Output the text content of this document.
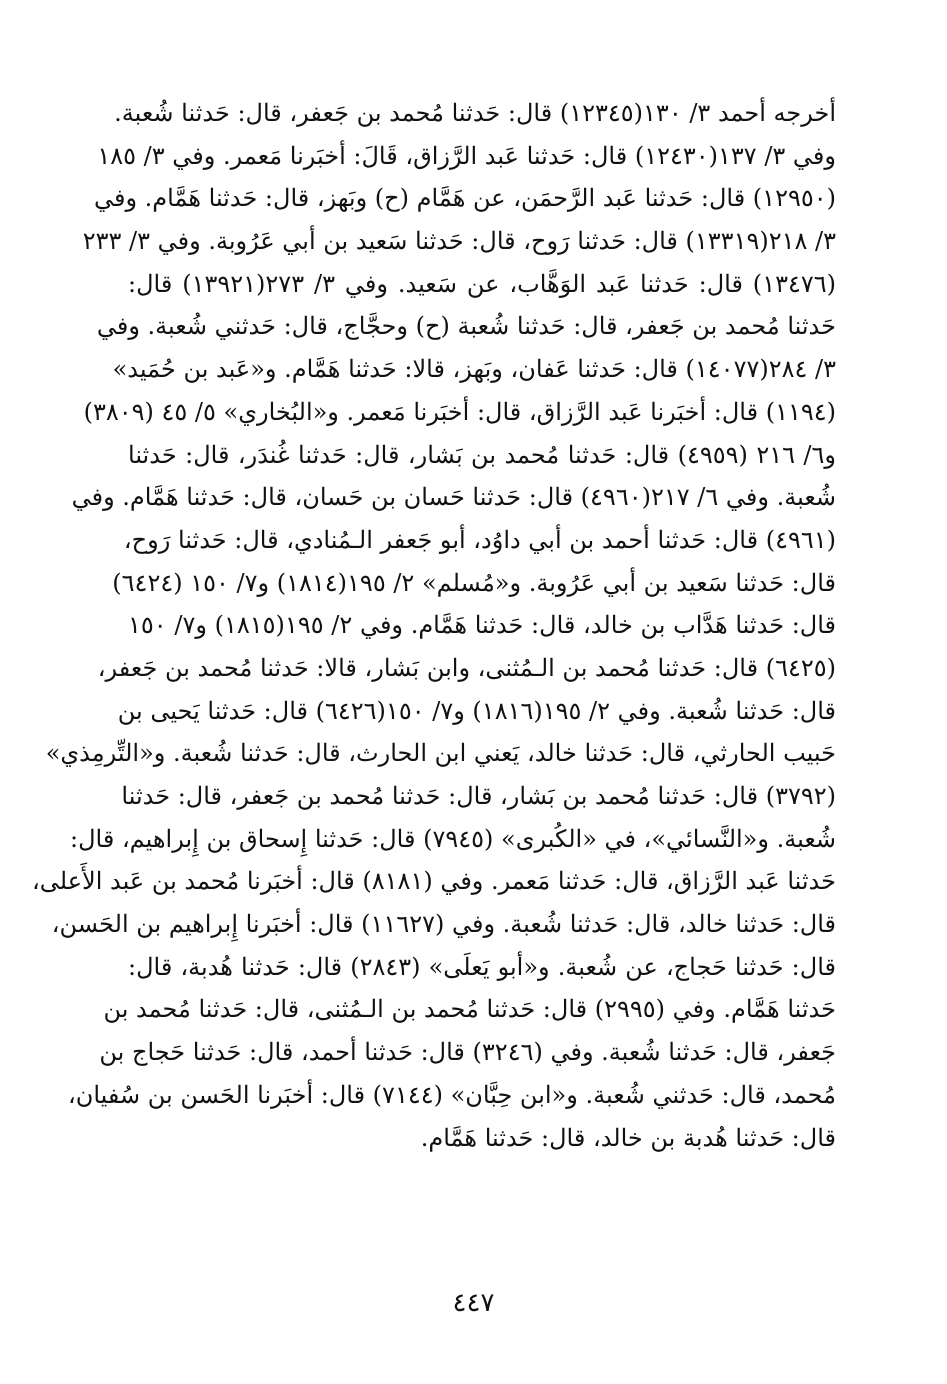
أخرجه أحمد ٣/ ١٣٠(١٢٣٤٥) قال: حَدثنا مُحمد بن جَعفر، قال: حَدثنا شُعبة.
وفي ٣/ ١٣٧(١٢٤٣٠) قال: حَدثنا عَبد الرَّزاق، قَالَ: أخبَرنا مَعمر. وفي ٣/ ١٨٥
(١٢٩٥٠) قال: حَدثنا عَبد الرَّحمَن، عن هَمَّام (ح) وبَهز، قال: حَدثنا هَمَّام. وفي
٣/ ٢١٨(١٣٣١٩) قال: حَدثنا رَوح، قال: حَدثنا سَعيد بن أبي عَرُوبة. وفي ٣/ ٢٣٣
(١٣٤٧٦) قال: حَدثنا عَبد الوَهَّاب، عن سَعيد. وفي ٣/ ٢٧٣(١٣٩٢١) قال:
حَدثنا مُحمد بن جَعفر، قال: حَدثنا شُعبة (ح) وحجَّاج، قال: حَدثني شُعبة. وفي
٣/ ٢٨٤(١٤٠٧٧) قال: حَدثنا عَفان، وبَهز، قالا: حَدثنا هَمَّام. و«عَبد بن حُمَيد»
(١١٩٤) قال: أخبَرنا عَبد الرَّزاق، قال: أخبَرنا مَعمر. و«البُخاري» ٥/ ٤٥ (٣٨٠٩)
و٦/ ٢١٦ (٤٩٥٩) قال: حَدثنا مُحمد بن بَشار، قال: حَدثنا غُندَر، قال: حَدثنا
شُعبة. وفي ٦/ ٢١٧(٤٩٦٠) قال: حَدثنا حَسان بن حَسان، قال: حَدثنا هَمَّام. وفي
(٤٩٦١) قال: حَدثنا أحمد بن أبي داوُد، أبو جَعفر الـمُنادي، قال: حَدثنا رَوح،
قال: حَدثنا سَعيد بن أبي عَرُوبة. و«مُسلم» ٢/ ١٩٥(١٨١٤) و٧/ ١٥٠ (٦٤٢٤)
قال: حَدثنا هَدَّاب بن خالد، قال: حَدثنا هَمَّام. وفي ٢/ ١٩٥(١٨١٥) و٧/ ١٥٠
(٦٤٢٥) قال: حَدثنا مُحمد بن الـمُثنى، وابن بَشار، قالا: حَدثنا مُحمد بن جَعفر،
قال: حَدثنا شُعبة. وفي ٢/ ١٩٥(١٨١٦) و٧/ ١٥٠(٦٤٢٦) قال: حَدثنا يَحيى بن
حَبيب الحارثي، قال: حَدثنا خالد، يَعني ابن الحارث، قال: حَدثنا شُعبة. و«التِّرمِذي»
(٣٧٩٢) قال: حَدثنا مُحمد بن بَشار، قال: حَدثنا مُحمد بن جَعفر، قال: حَدثنا
شُعبة. و«النَّسائي»، في «الكُبرى» (٧٩٤٥) قال: حَدثنا إِسحاق بن إِبراهيم، قال:
حَدثنا عَبد الرَّزاق، قال: حَدثنا مَعمر. وفي (٨١٨١) قال: أخبَرنا مُحمد بن عَبد الأَعلى،
قال: حَدثنا خالد، قال: حَدثنا شُعبة. وفي (١١٦٢٧) قال: أخبَرنا إِبراهيم بن الحَسن،
قال: حَدثنا حَجاج، عن شُعبة. و«أبو يَعلَى» (٢٨٤٣) قال: حَدثنا هُدبة، قال:
حَدثنا هَمَّام. وفي (٢٩٩٥) قال: حَدثنا مُحمد بن الـمُثنى، قال: حَدثنا مُحمد بن
جَعفر، قال: حَدثنا شُعبة. وفي (٣٢٤٦) قال: حَدثنا أحمد، قال: حَدثنا حَجاج بن
مُحمد، قال: حَدثني شُعبة. و«ابن حِبَّان» (٧١٤٤) قال: أخبَرنا الحَسن بن سُفيان،
قال: حَدثنا هُدبة بن خالد، قال: حَدثنا هَمَّام.
٤٤٧
